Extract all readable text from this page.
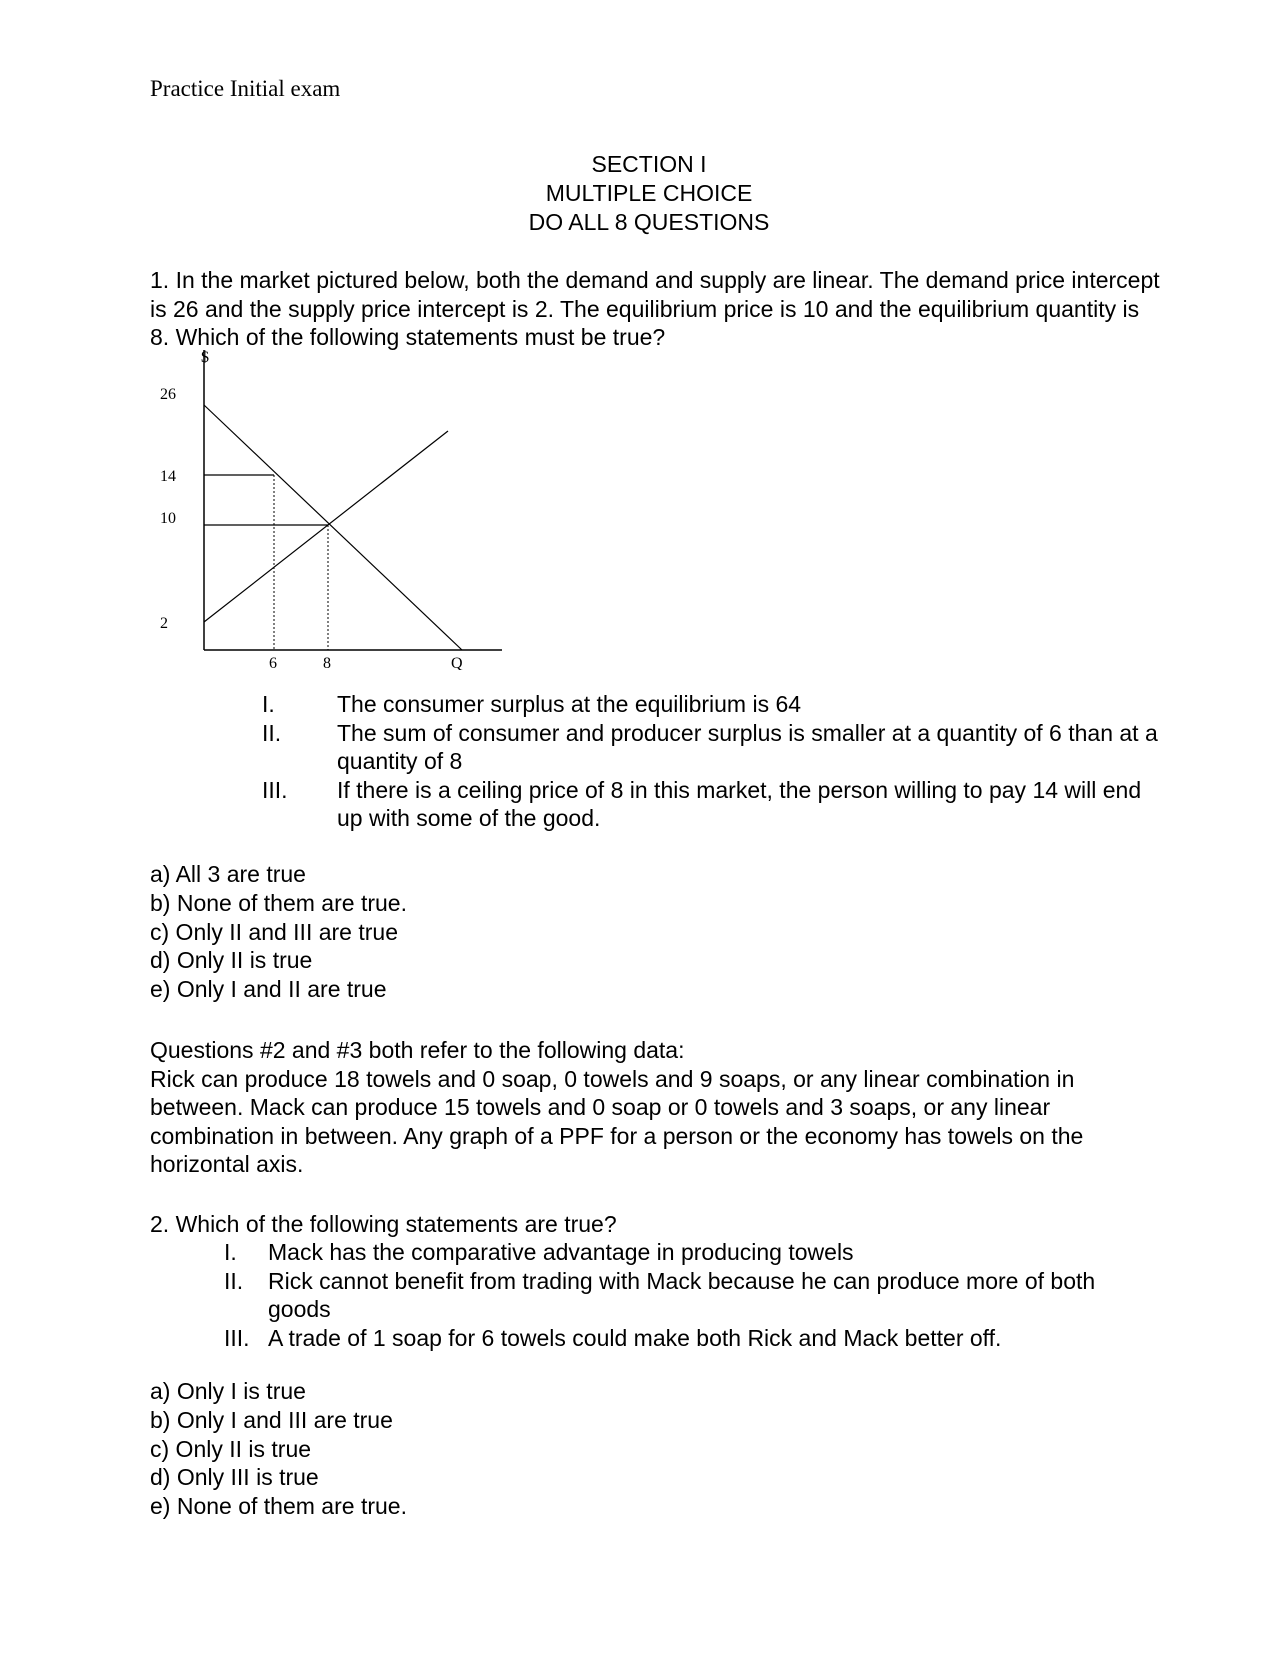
Practice Initial exam
SECTION I
MULTIPLE CHOICE
DO ALL 8 QUESTIONS
1. In the market pictured below, both the demand and supply are linear. The demand price intercept is 26 and the supply price intercept is 2. The equilibrium price is 10 and the equilibrium quantity is 8. Which of the following statements must be true?
$
26
14
10
2
6	8	Q
I.	The consumer surplus at the equilibrium is 64
II.	The sum of consumer and producer surplus is smaller at a quantity of 6 than at a quantity of 8
III.	If there is a ceiling price of 8 in this market, the person willing to pay 14 will end up with some of the good.
a) All 3 are true
b) None of them are true.
c) Only II and III are true
d) Only II is true
e) Only I and II are true
Questions #2 and #3 both refer to the following data:
Rick can produce 18 towels and 0 soap, 0 towels and 9 soaps, or any linear combination in between. Mack can produce 15 towels and 0 soap or 0 towels and 3 soaps, or any linear combination in between. Any graph of a PPF for a person or the economy has towels on the horizontal axis.
2. Which of the following statements are true?
I.	Mack has the comparative advantage in producing towels
II.	Rick cannot benefit from trading with Mack because he can produce more of both goods
III. A trade of 1 soap for 6 towels could make both Rick and Mack better off.
a) Only I is true
b) Only I and III are true
c) Only II is true
d) Only III is true
e) None of them are true.
